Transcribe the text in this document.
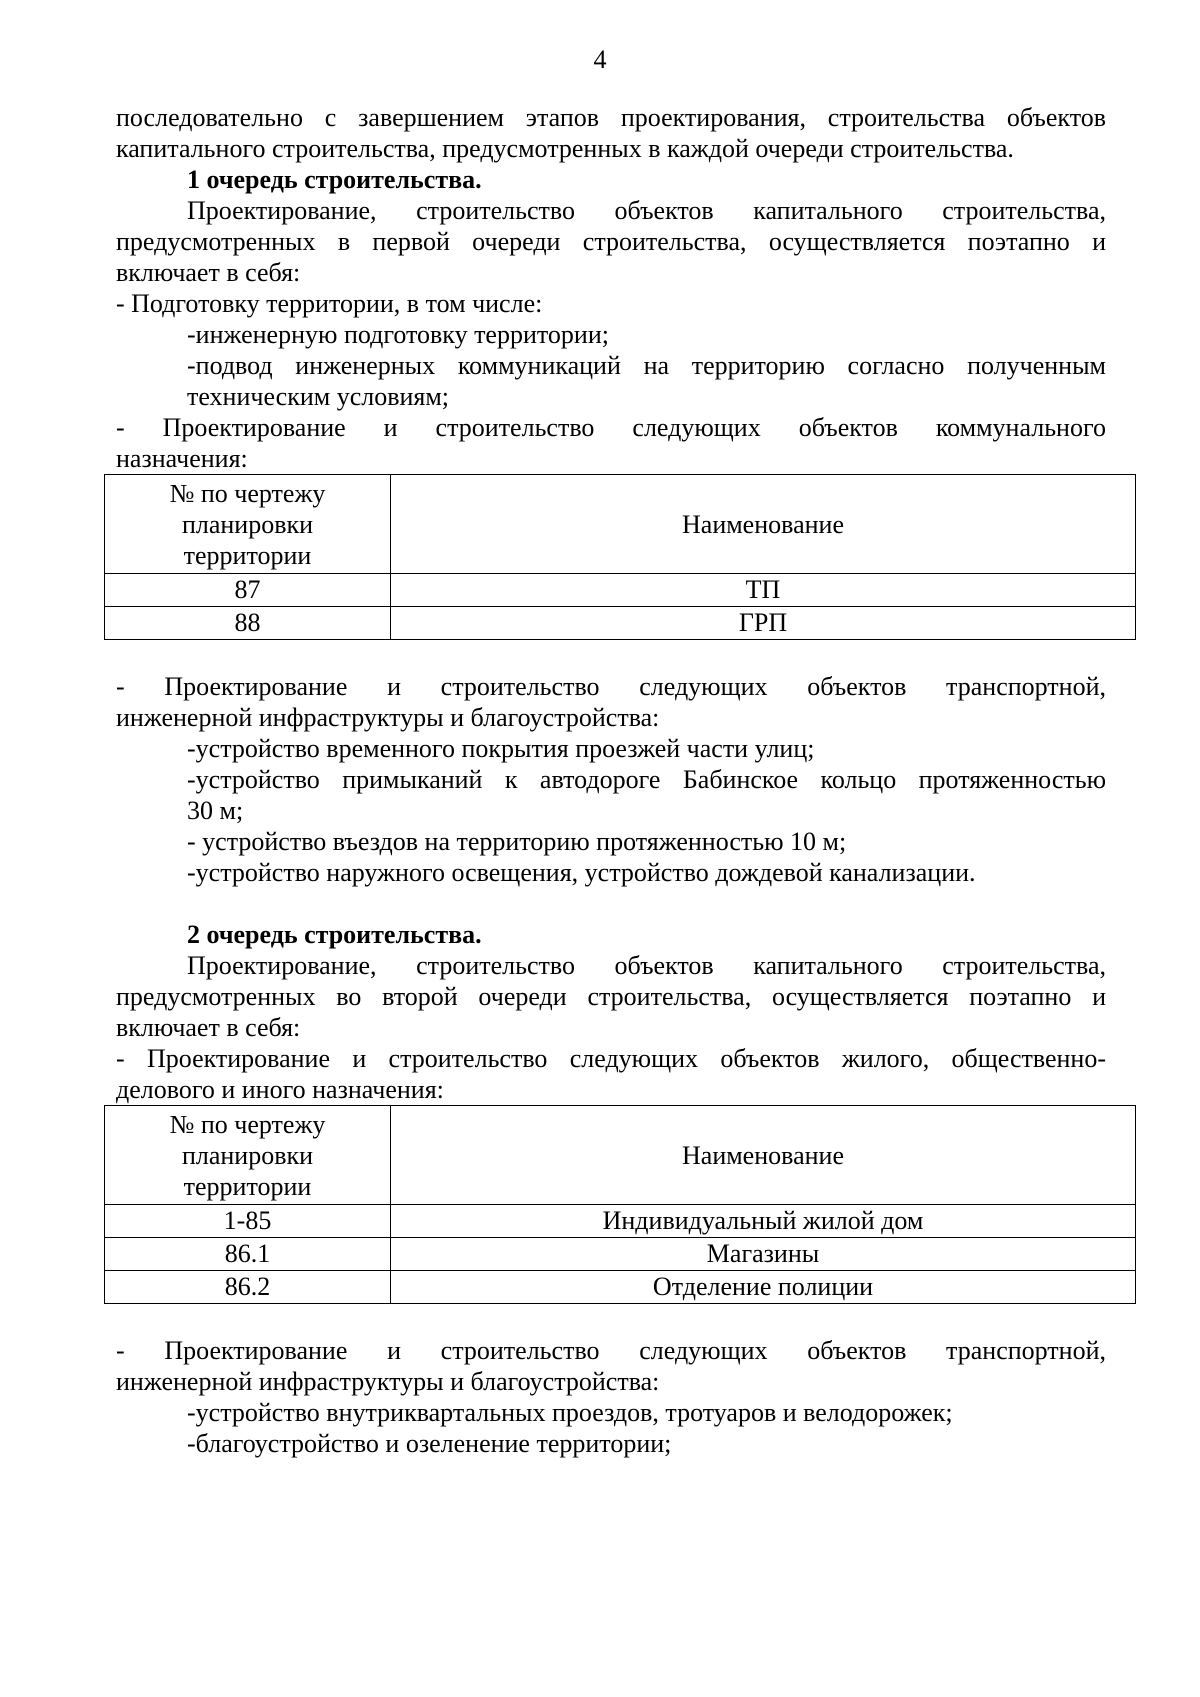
4

последовательно с завершением этапов проектирования, строительства объектов

капитального строительства, предусмотренных в каждой очереди строительства.

1 очередь строительства.

Проектирование, строительство объектов капитального строительства,

предусмотренных в первой очереди строительства, осуществляется поэтапно и

включает в себя:

- Подготовку территории, в том числе:

-инженерную подготовку территории;

-подвод инженерных коммуникаций на территорию согласно полученным

техническим условиям;

- Проектирование и строительство следующих объектов коммунального

назначения:

№ по чертежу
планировки
территории	Наименование
87	ТП
88	ГРП

- Проектирование и строительство следующих объектов транспортной,

инженерной инфраструктуры и благоустройства:

-устройство временного покрытия проезжей части улиц;

-устройство примыканий к автодороге Бабинское кольцо протяженностью

30 м;

- устройство въездов на территорию протяженностью 10 м;

-устройство наружного освещения, устройство дождевой канализации.

2 очередь строительства.

Проектирование, строительство объектов капитального строительства,

предусмотренных во второй очереди строительства, осуществляется поэтапно и

включает в себя:

- Проектирование и строительство следующих объектов жилого, общественно-

делового и иного назначения:

№ по чертежу
планировки
территории	Наименование
1-85	Индивидуальный жилой дом
86.1	Магазины
86.2	Отделение полиции

- Проектирование и строительство следующих объектов транспортной,

инженерной инфраструктуры и благоустройства:

-устройство внутриквартальных проездов, тротуаров и велодорожек;

-благоустройство и озеленение территории;
